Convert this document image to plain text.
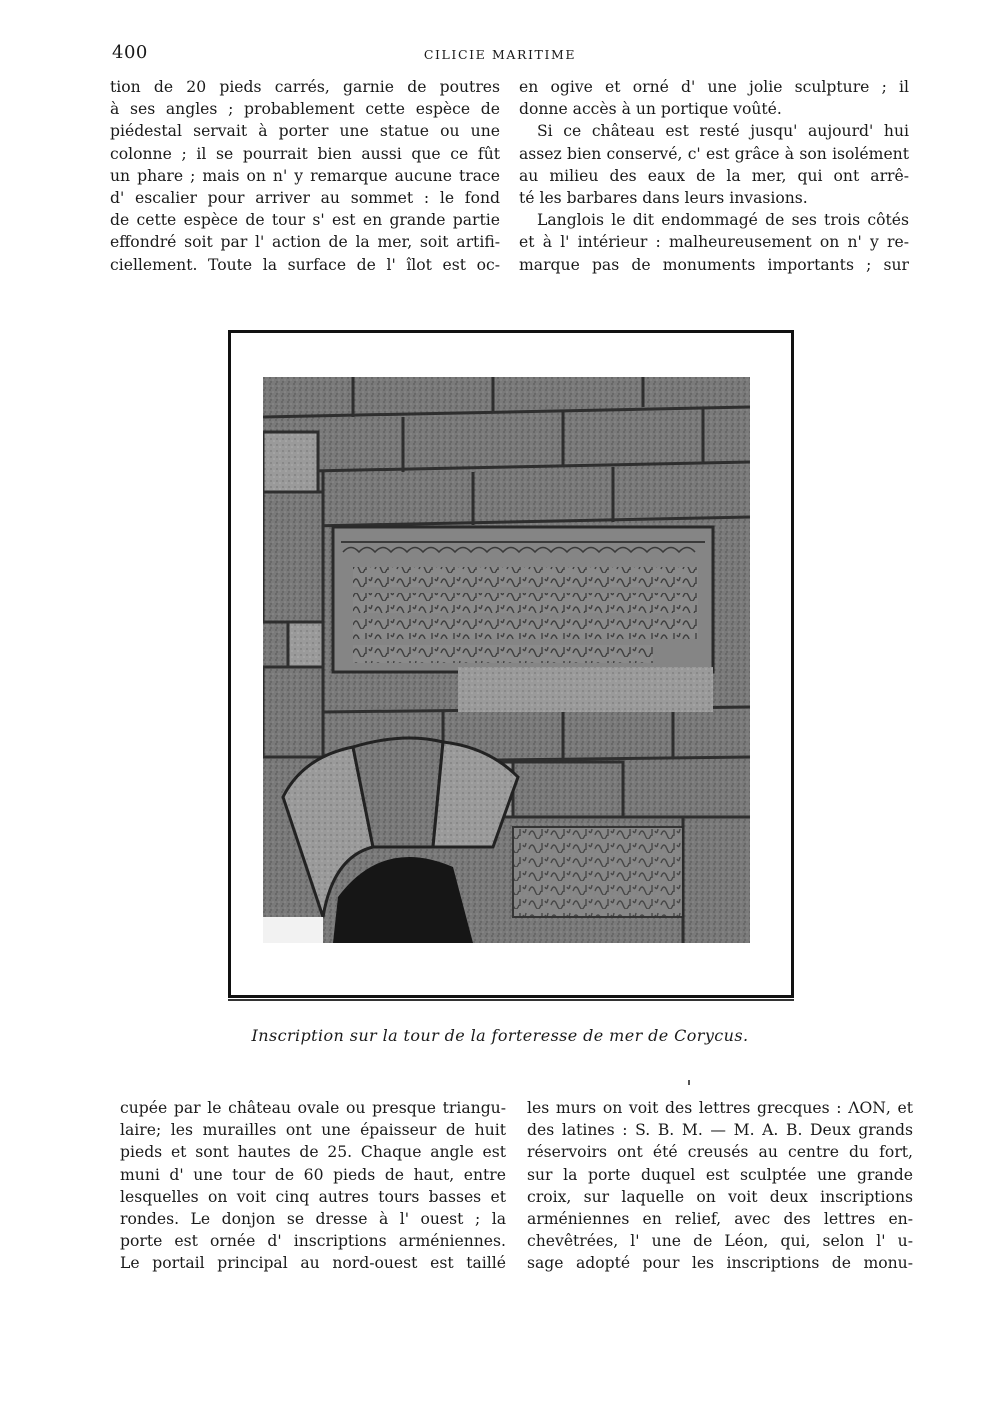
400	CILICIE MARITIME
tion de 20 pieds carrés, garnie de poutres
à ses angles ; probablement cette espèce de
piédestal servait à porter une statue ou une
colonne ; il se pourrait bien aussi que ce fût
un phare ; mais on n' y remarque aucune trace
d' escalier pour arriver au sommet : le fond
de cette espèce de tour s' est en grande partie
effondré soit par l' action de la mer, soit artifi-
ciellement. Toute la surface de l' îlot est oc-
en ogive et orné d' une jolie sculpture ; il
donne accès à un portique voûté.
Si ce château est resté jusqu' aujourd' hui
assez bien conservé, c' est grâce à son isolément
au milieu des eaux de la mer, qui ont arrê-
té les barbares dans leurs invasions.
Langlois le dit endommagé de ses trois côtés
et à l' intérieur : malheureusement on n' y re-
marque pas de monuments importants ; sur
Inscription sur la tour de la forteresse de mer de Corycus.
cupée par le château ovale ou presque triangu-
laire; les murailles ont une épaisseur de huit
pieds et sont hautes de 25. Chaque angle est
muni d' une tour de 60 pieds de haut, entre
lesquelles on voit cinq autres tours basses et
rondes. Le donjon se dresse à l' ouest ; la
porte est ornée d' inscriptions arméniennes.
Le portail principal au nord-ouest est taillé
les murs on voit des lettres grecques : ΛΟΝ, et
des latines : S. B. M. — M. A. B. Deux grands
réservoirs ont été creusés au centre du fort,
sur la porte duquel est sculptée une grande
croix, sur laquelle on voit deux inscriptions
arméniennes en relief, avec des lettres en-
chevêtrées, l' une de Léon, qui, selon l' u-
sage adopté pour les inscriptions de monu-
